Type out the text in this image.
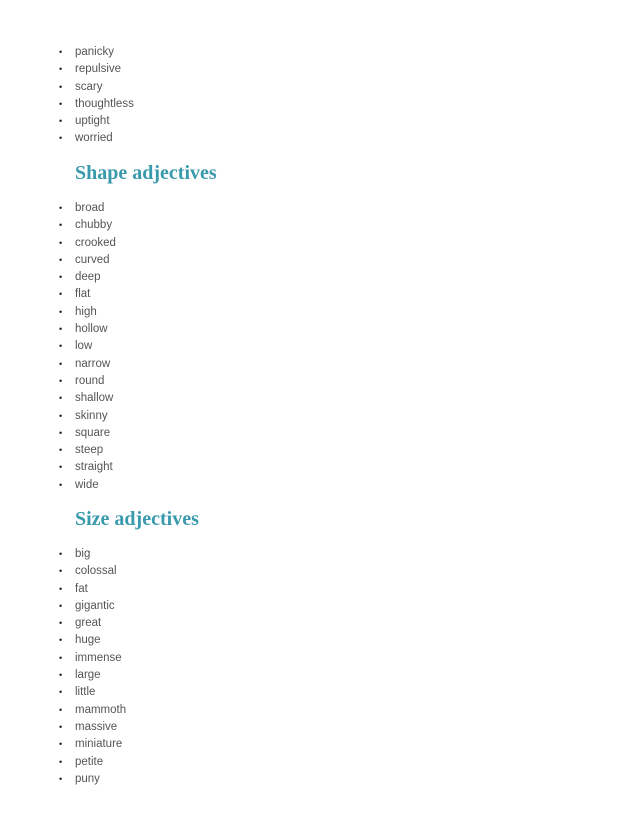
• panicky
• repulsive
• scary
• thoughtless
• uptight
• worried
Shape adjectives
• broad
• chubby
• crooked
• curved
• deep
• flat
• high
• hollow
• low
• narrow
• round
• shallow
• skinny
• square
• steep
• straight
• wide
Size adjectives
• big
• colossal
• fat
• gigantic
• great
• huge
• immense
• large
• little
• mammoth
• massive
• miniature
• petite
• puny
